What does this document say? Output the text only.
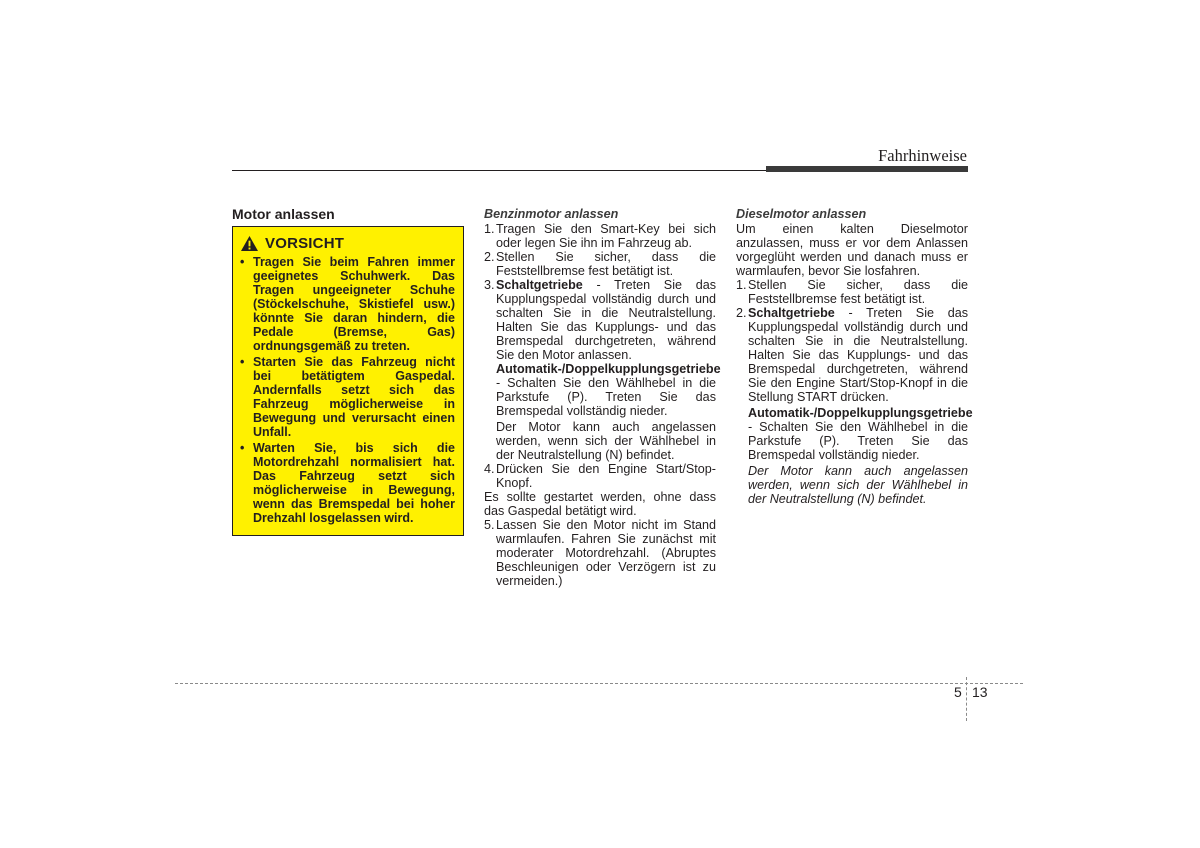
Fahrhinweise
Motor anlassen
VORSICHT
• Tragen Sie beim Fahren immer geeignetes Schuhwerk. Das Tragen ungeeigneter Schuhe (Stöckelschuhe, Skistiefel usw.) könnte Sie daran hindern, die Pedale (Bremse, Gas) ordnungsgemäß zu treten.
• Starten Sie das Fahrzeug nicht bei betätigtem Gaspedal. Andernfalls setzt sich das Fahrzeug möglicherweise in Bewegung und verursacht einen Unfall.
• Warten Sie, bis sich die Motordrehzahl normalisiert hat. Das Fahrzeug setzt sich möglicherweise in Bewegung, wenn das Bremspedal bei hoher Drehzahl losgelassen wird.
Benzinmotor anlassen
1. Tragen Sie den Smart-Key bei sich oder legen Sie ihn im Fahrzeug ab.
2. Stellen Sie sicher, dass die Feststellbremse fest betätigt ist.
3. Schaltgetriebe - Treten Sie das Kupplungspedal vollständig durch und schalten Sie in die Neutralstellung. Halten Sie das Kupplungs- und das Bremspedal durchgetreten, während Sie den Motor anlassen.
Automatik-/Doppelkupplungsgetriebe - Schalten Sie den Wählhebel in die Parkstufe (P). Treten Sie das Bremspedal vollständig nieder.
Der Motor kann auch angelassen werden, wenn sich der Wählhebel in der Neutralstellung (N) befindet.
4. Drücken Sie den Engine Start/Stop-Knopf.
Es sollte gestartet werden, ohne dass das Gaspedal betätigt wird.
5. Lassen Sie den Motor nicht im Stand warmlaufen. Fahren Sie zunächst mit moderater Motordrehzahl. (Abruptes Beschleunigen oder Verzögern ist zu vermeiden.)
Dieselmotor anlassen
Um einen kalten Dieselmotor anzulassen, muss er vor dem Anlassen vorgeglüht werden und danach muss er warmlaufen, bevor Sie losfahren.
1. Stellen Sie sicher, dass die Feststellbremse fest betätigt ist.
2. Schaltgetriebe - Treten Sie das Kupplungspedal vollständig durch und schalten Sie in die Neutralstellung. Halten Sie das Kupplungs- und das Bremspedal durchgetreten, während Sie den Engine Start/Stop-Knopf in die Stellung START drücken.
Automatik-/Doppelkupplungsgetriebe - Schalten Sie den Wählhebel in die Parkstufe (P). Treten Sie das Bremspedal vollständig nieder.
Der Motor kann auch angelassen werden, wenn sich der Wählhebel in der Neutralstellung (N) befindet.
5 13
